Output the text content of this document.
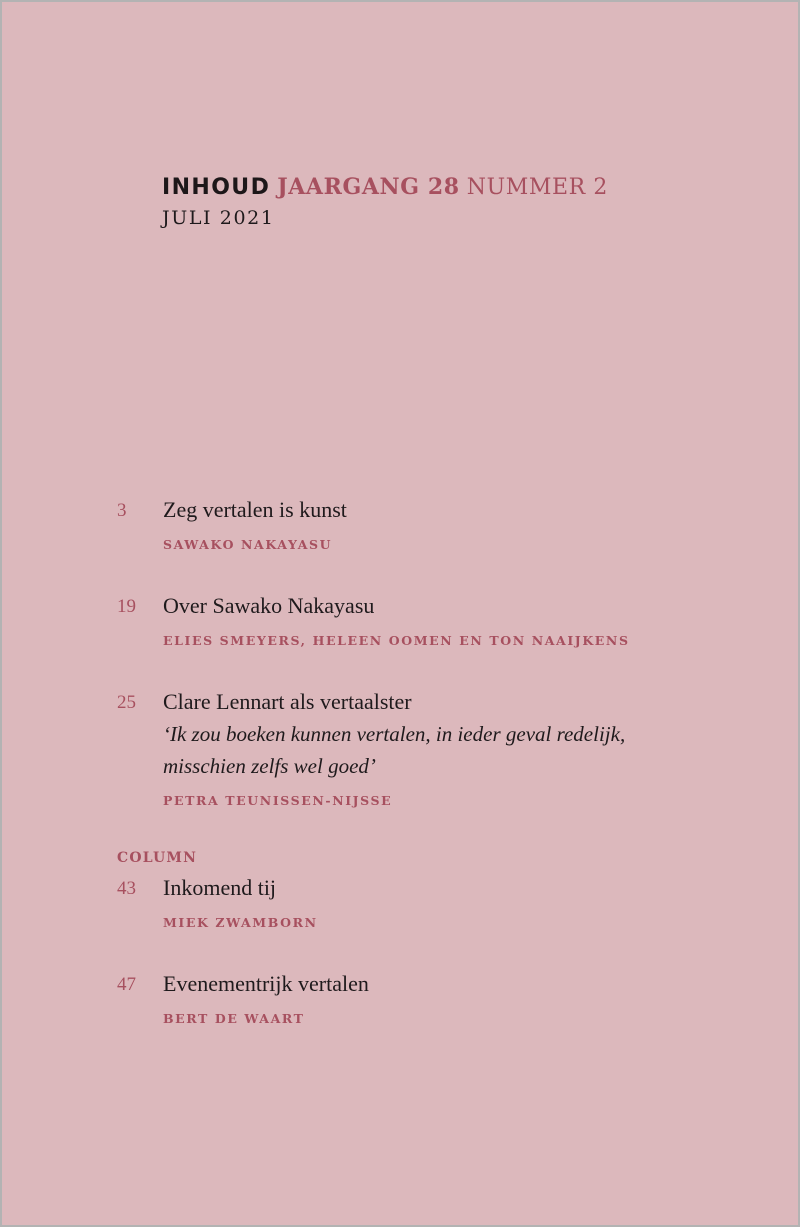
INHOUD JAARGANG 28 NUMMER 2
JULI 2021
3 Zeg vertalen is kunst
SAWAKO NAKAYASU
19 Over Sawako Nakayasu
ELIES SMEYERS, HELEEN OOMEN EN TON NAAIJKENS
25 Clare Lennart als vertaalster
‘Ik zou boeken kunnen vertalen, in ieder geval redelijk,
misschien zelfs wel goed’
PETRA TEUNISSEN-NIJSSE
COLUMN
43 Inkomend tij
MIEK ZWAMBORN
47 Evenementrijk vertalen
BERT DE WAART
